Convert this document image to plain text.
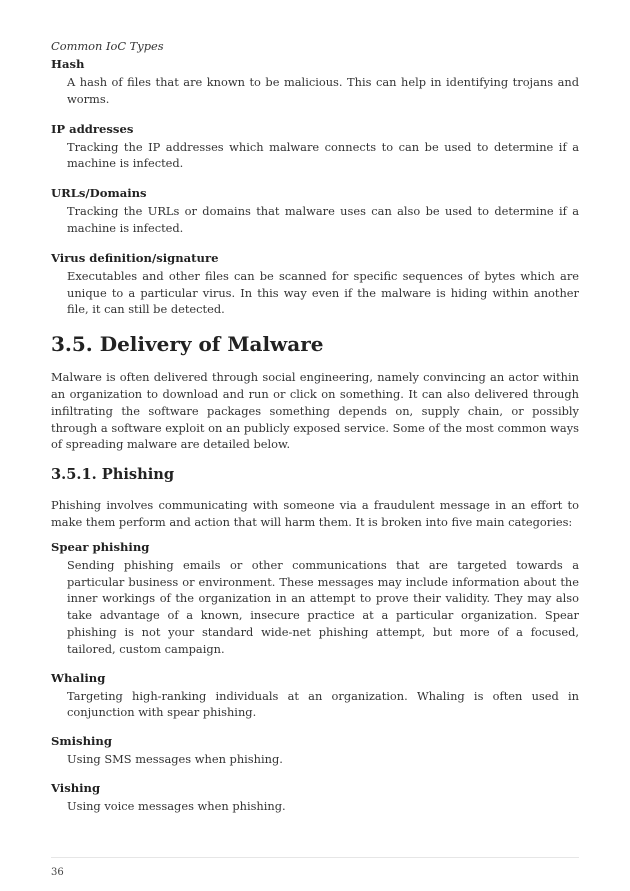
Common IoC Types
Hash
A hash of files that are known to be malicious. This can help in identifying trojans and worms.
IP addresses
Tracking the IP addresses which malware connects to can be used to determine if a machine is infected.
URLs/Domains
Tracking the URLs or domains that malware uses can also be used to determine if a machine is infected.
Virus definition/signature
Executables and other files can be scanned for specific sequences of bytes which are unique to a particular virus. In this way even if the malware is hiding within another file, it can still be detected.
3.5. Delivery of Malware

Malware is often delivered through social engineering, namely convincing an actor within an organization to download and run or click on something. It can also delivered through infiltrating the software packages something depends on, supply chain, or possibly through a software exploit on an publicly exposed service. Some of the most common ways of spreading malware are detailed below.

3.5.1. Phishing

Phishing involves communicating with someone via a fraudulent message in an effort to make them perform and action that will harm them. It is broken into five main categories:

Spear phishing
Sending phishing emails or other communications that are targeted towards a particular business or environment. These messages may include information about the inner workings of the organization in an attempt to prove their validity. They may also take advantage of a known, insecure practice at a particular organization. Spear phishing is not your standard wide-net phishing attempt, but more of a focused, tailored, custom campaign.
Whaling
Targeting high-ranking individuals at an organization. Whaling is often used in conjunction with spear phishing.
Smishing
Using SMS messages when phishing.
Vishing
Using voice messages when phishing.
36
